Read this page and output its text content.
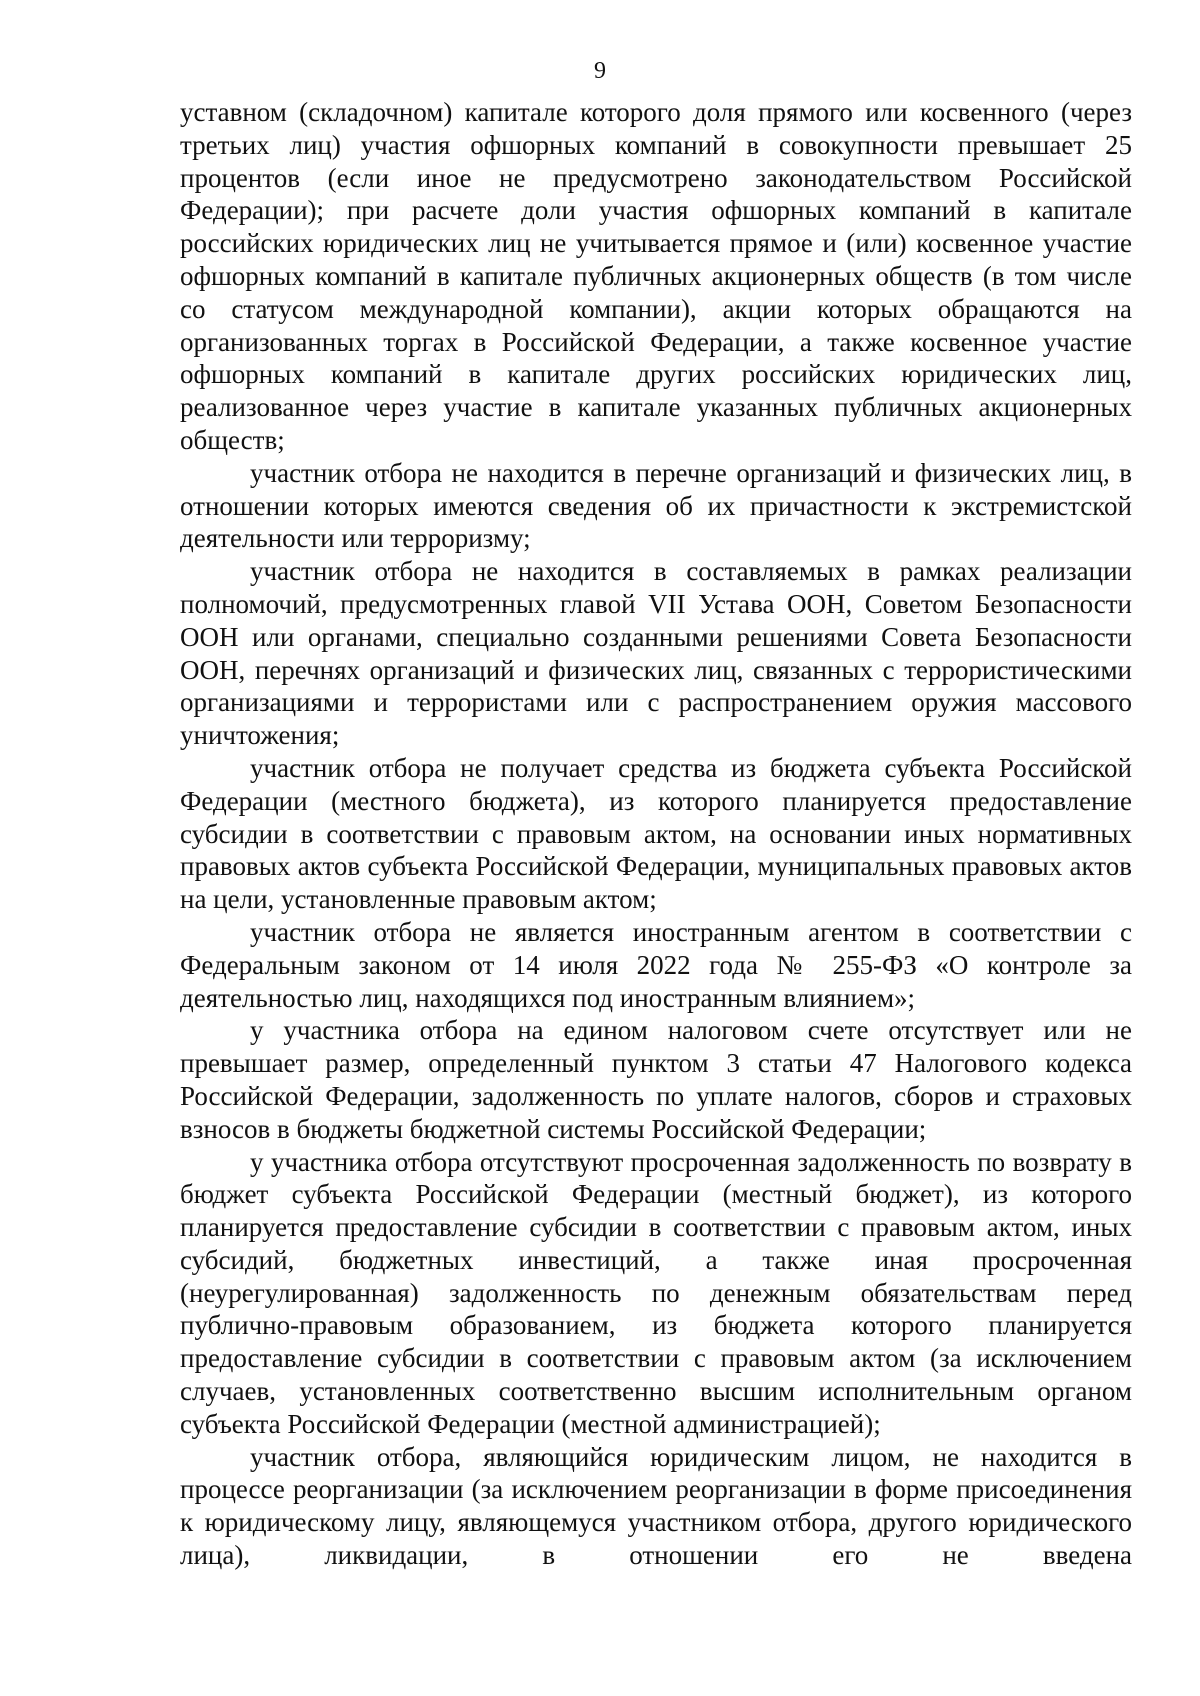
9

уставном (складочном) капитале которого доля прямого или косвенного (через третьих лиц) участия офшорных компаний в совокупности превышает 25 процентов (если иное не предусмотрено законодательством Российской Федерации); при расчете доли участия офшорных компаний в капитале российских юридических лиц не учитывается прямое и (или) косвенное участие офшорных компаний в капитале публичных акционерных обществ (в том числе со статусом международной компании), акции которых обращаются на организованных торгах в Российской Федерации, а также косвенное участие офшорных компаний в капитале других российских юридических лиц, реализованное через участие в капитале указанных публичных акционерных обществ;

участник отбора не находится в перечне организаций и физических лиц, в отношении которых имеются сведения об их причастности к экстремистской деятельности или терроризму;

участник отбора не находится в составляемых в рамках реализации полномочий, предусмотренных главой VII Устава ООН, Советом Безопасности ООН или органами, специально созданными решениями Совета Безопасности ООН, перечнях организаций и физических лиц, связанных с террористическими организациями и террористами или с распространением оружия массового уничтожения;

участник отбора не получает средства из бюджета субъекта Российской Федерации (местного бюджета), из которого планируется предоставление субсидии в соответствии с правовым актом, на основании иных нормативных правовых актов субъекта Российской Федерации, муниципальных правовых актов на цели, установленные правовым актом;

участник отбора не является иностранным агентом в соответствии с Федеральным законом от 14 июля 2022 года № 255-ФЗ «О контроле за деятельностью лиц, находящихся под иностранным влиянием»;

у участника отбора на едином налоговом счете отсутствует или не превышает размер, определенный пунктом 3 статьи 47 Налогового кодекса Российской Федерации, задолженность по уплате налогов, сборов и страховых взносов в бюджеты бюджетной системы Российской Федерации;

у участника отбора отсутствуют просроченная задолженность по возврату в бюджет субъекта Российской Федерации (местный бюджет), из которого планируется предоставление субсидии в соответствии с правовым актом, иных субсидий, бюджетных инвестиций, а также иная просроченная (неурегулированная) задолженность по денежным обязательствам перед публично-правовым образованием, из бюджета которого планируется предоставление субсидии в соответствии с правовым актом (за исключением случаев, установленных соответственно высшим исполнительным органом субъекта Российской Федерации (местной администрацией);

участник отбора, являющийся юридическим лицом, не находится в процессе реорганизации (за исключением реорганизации в форме присоединения к юридическому лицу, являющемуся участником отбора, другого юридического лица), ликвидации, в отношении его не введена
